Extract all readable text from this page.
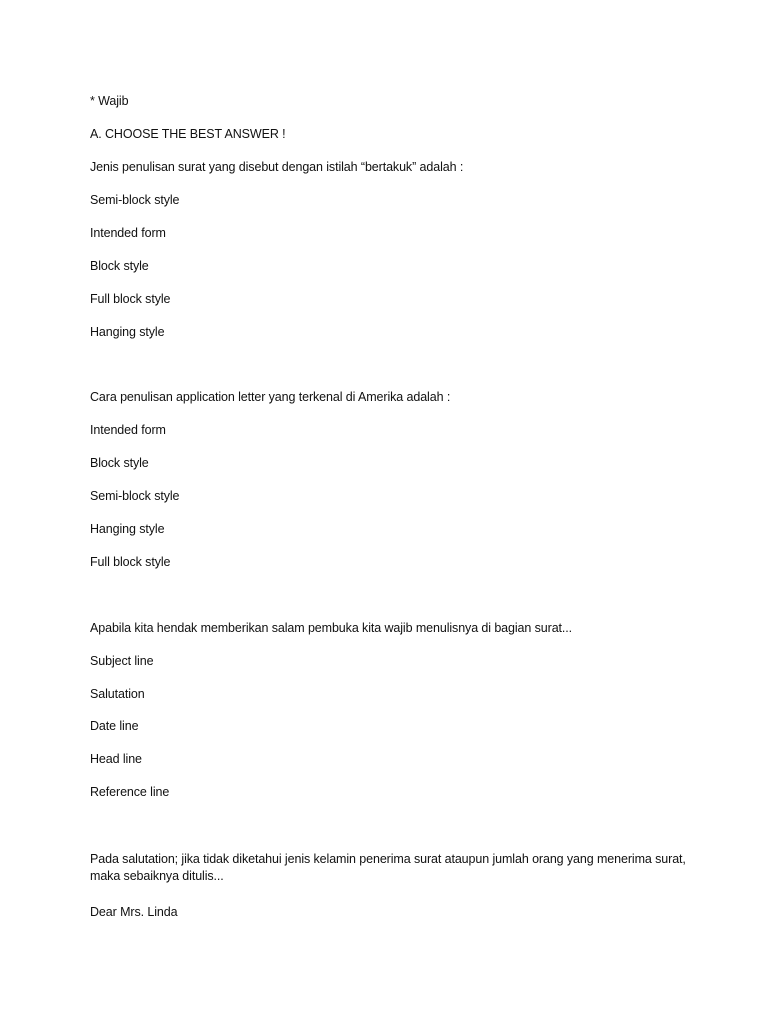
* Wajib
A. CHOOSE THE BEST ANSWER !
Jenis penulisan surat yang disebut dengan istilah “bertakuk” adalah :
Semi-block style
Intended form
Block style
Full block style
Hanging style
Cara penulisan application letter yang terkenal di Amerika adalah :
Intended form
Block style
Semi-block style
Hanging style
Full block style
Apabila kita hendak memberikan salam pembuka kita wajib menulisnya di bagian surat...
Subject line
Salutation
Date line
Head line
Reference line
Pada salutation; jika tidak diketahui jenis kelamin penerima surat ataupun jumlah orang yang menerima surat, maka sebaiknya ditulis...
Dear Mrs. Linda
